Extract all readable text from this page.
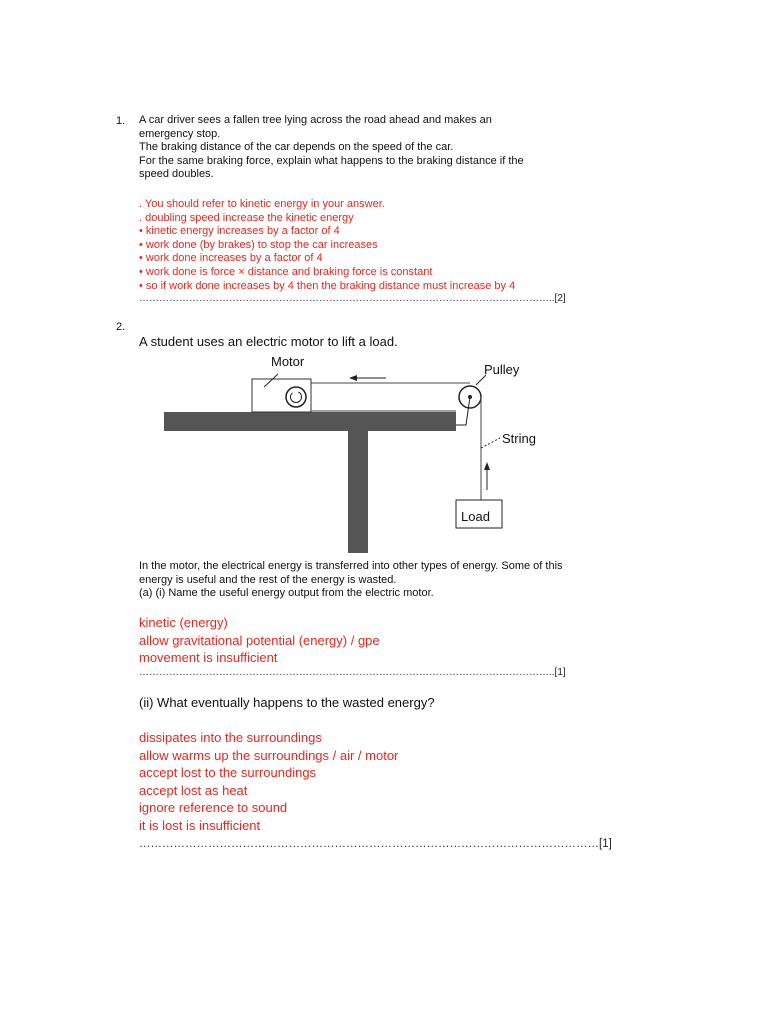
1. A car driver sees a fallen tree lying across the road ahead and makes an
emergency stop.
The braking distance of the car depends on the speed of the car.
For the same braking force, explain what happens to the braking distance if the
speed doubles.
. You should refer to kinetic energy in your answer.
. doubling speed increase the kinetic energy
• kinetic energy increases by a factor of 4
• work done (by brakes) to stop the car increases
• work done increases by a factor of 4
• work done is force × distance and braking force is constant
• so if work done increases by 4 then the braking distance must increase by 4
……………………………………………………………………………………………………………..[2]
2.
A student uses an electric motor to lift a load.
Motor
Pulley
String
Load
In the motor, the electrical energy is transferred into other types of energy. Some of this
energy is useful and the rest of the energy is wasted.
(a) (i) Name the useful energy output from the electric motor.
kinetic (energy)
allow gravitational potential (energy) / gpe
movement is insufficient
……………………………………………………………………………………………………………..[1]
(ii) What eventually happens to the wasted energy?
dissipates into the surroundings
allow warms up the surroundings / air / motor
accept lost to the surroundings
accept lost as heat
ignore reference to sound
it is lost is insufficient
…………………………………………………………………………………………………………[1]
